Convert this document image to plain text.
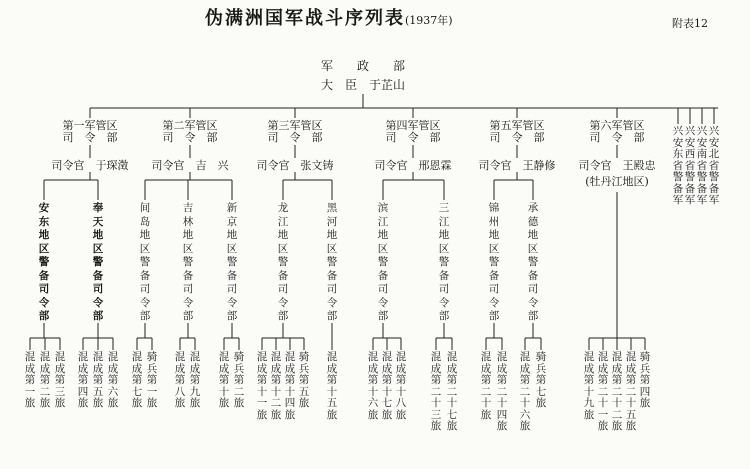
伪满洲国军战斗序列表(1937年)	附表12
军　　政　　部
大　臣　于芷山
第一军管区
司　令　部
第二军管区
司　令　部
第三军管区
司　令　部
第四军管区
司　令　部
第五军管区
司　令　部
第六军管区
司　令　部
司令官　于琛澂 司令官　吉　兴	司令官　张文铸	司令官　邢恩霖 司令官　王静修 司令官　王殿忠
(牡丹江地区)
安东地区警备司令部
奉天地区警备司令部
间岛地区警备司令部
吉林地区警备司令部
新京地区警备司令部
龙江地区警备司令部
黑河地区警备司令部
滨江地区警备司令部
三江地区警备司令部
锦州地区警备司令部
承德地区警备司令部
兴安东省警备军
兴安西省警备军
兴安南省警备军
兴安北省警备军
混成第一旅
混成第二旅
混成第三旅
混成第四旅
混成第五旅
混成第六旅
混成第七旅
骑兵第一旅
混成第八旅
混成第九旅
混成第十旅
骑兵第二旅
混成第十一旅
混成第十二旅
混成第十四旅
骑兵第五旅
混成第十五旅
混成第十六旅
混成第十七旅
混成第十八旅
混成第二十三旅
混成第二十七旅
混成第二十旅
混成第二十四旅
混成第二十六旅
骑兵第七旅
混成第十九旅
混成第二十一旅
混成第二十二旅
混成第二十五旅
骑兵第四旅
